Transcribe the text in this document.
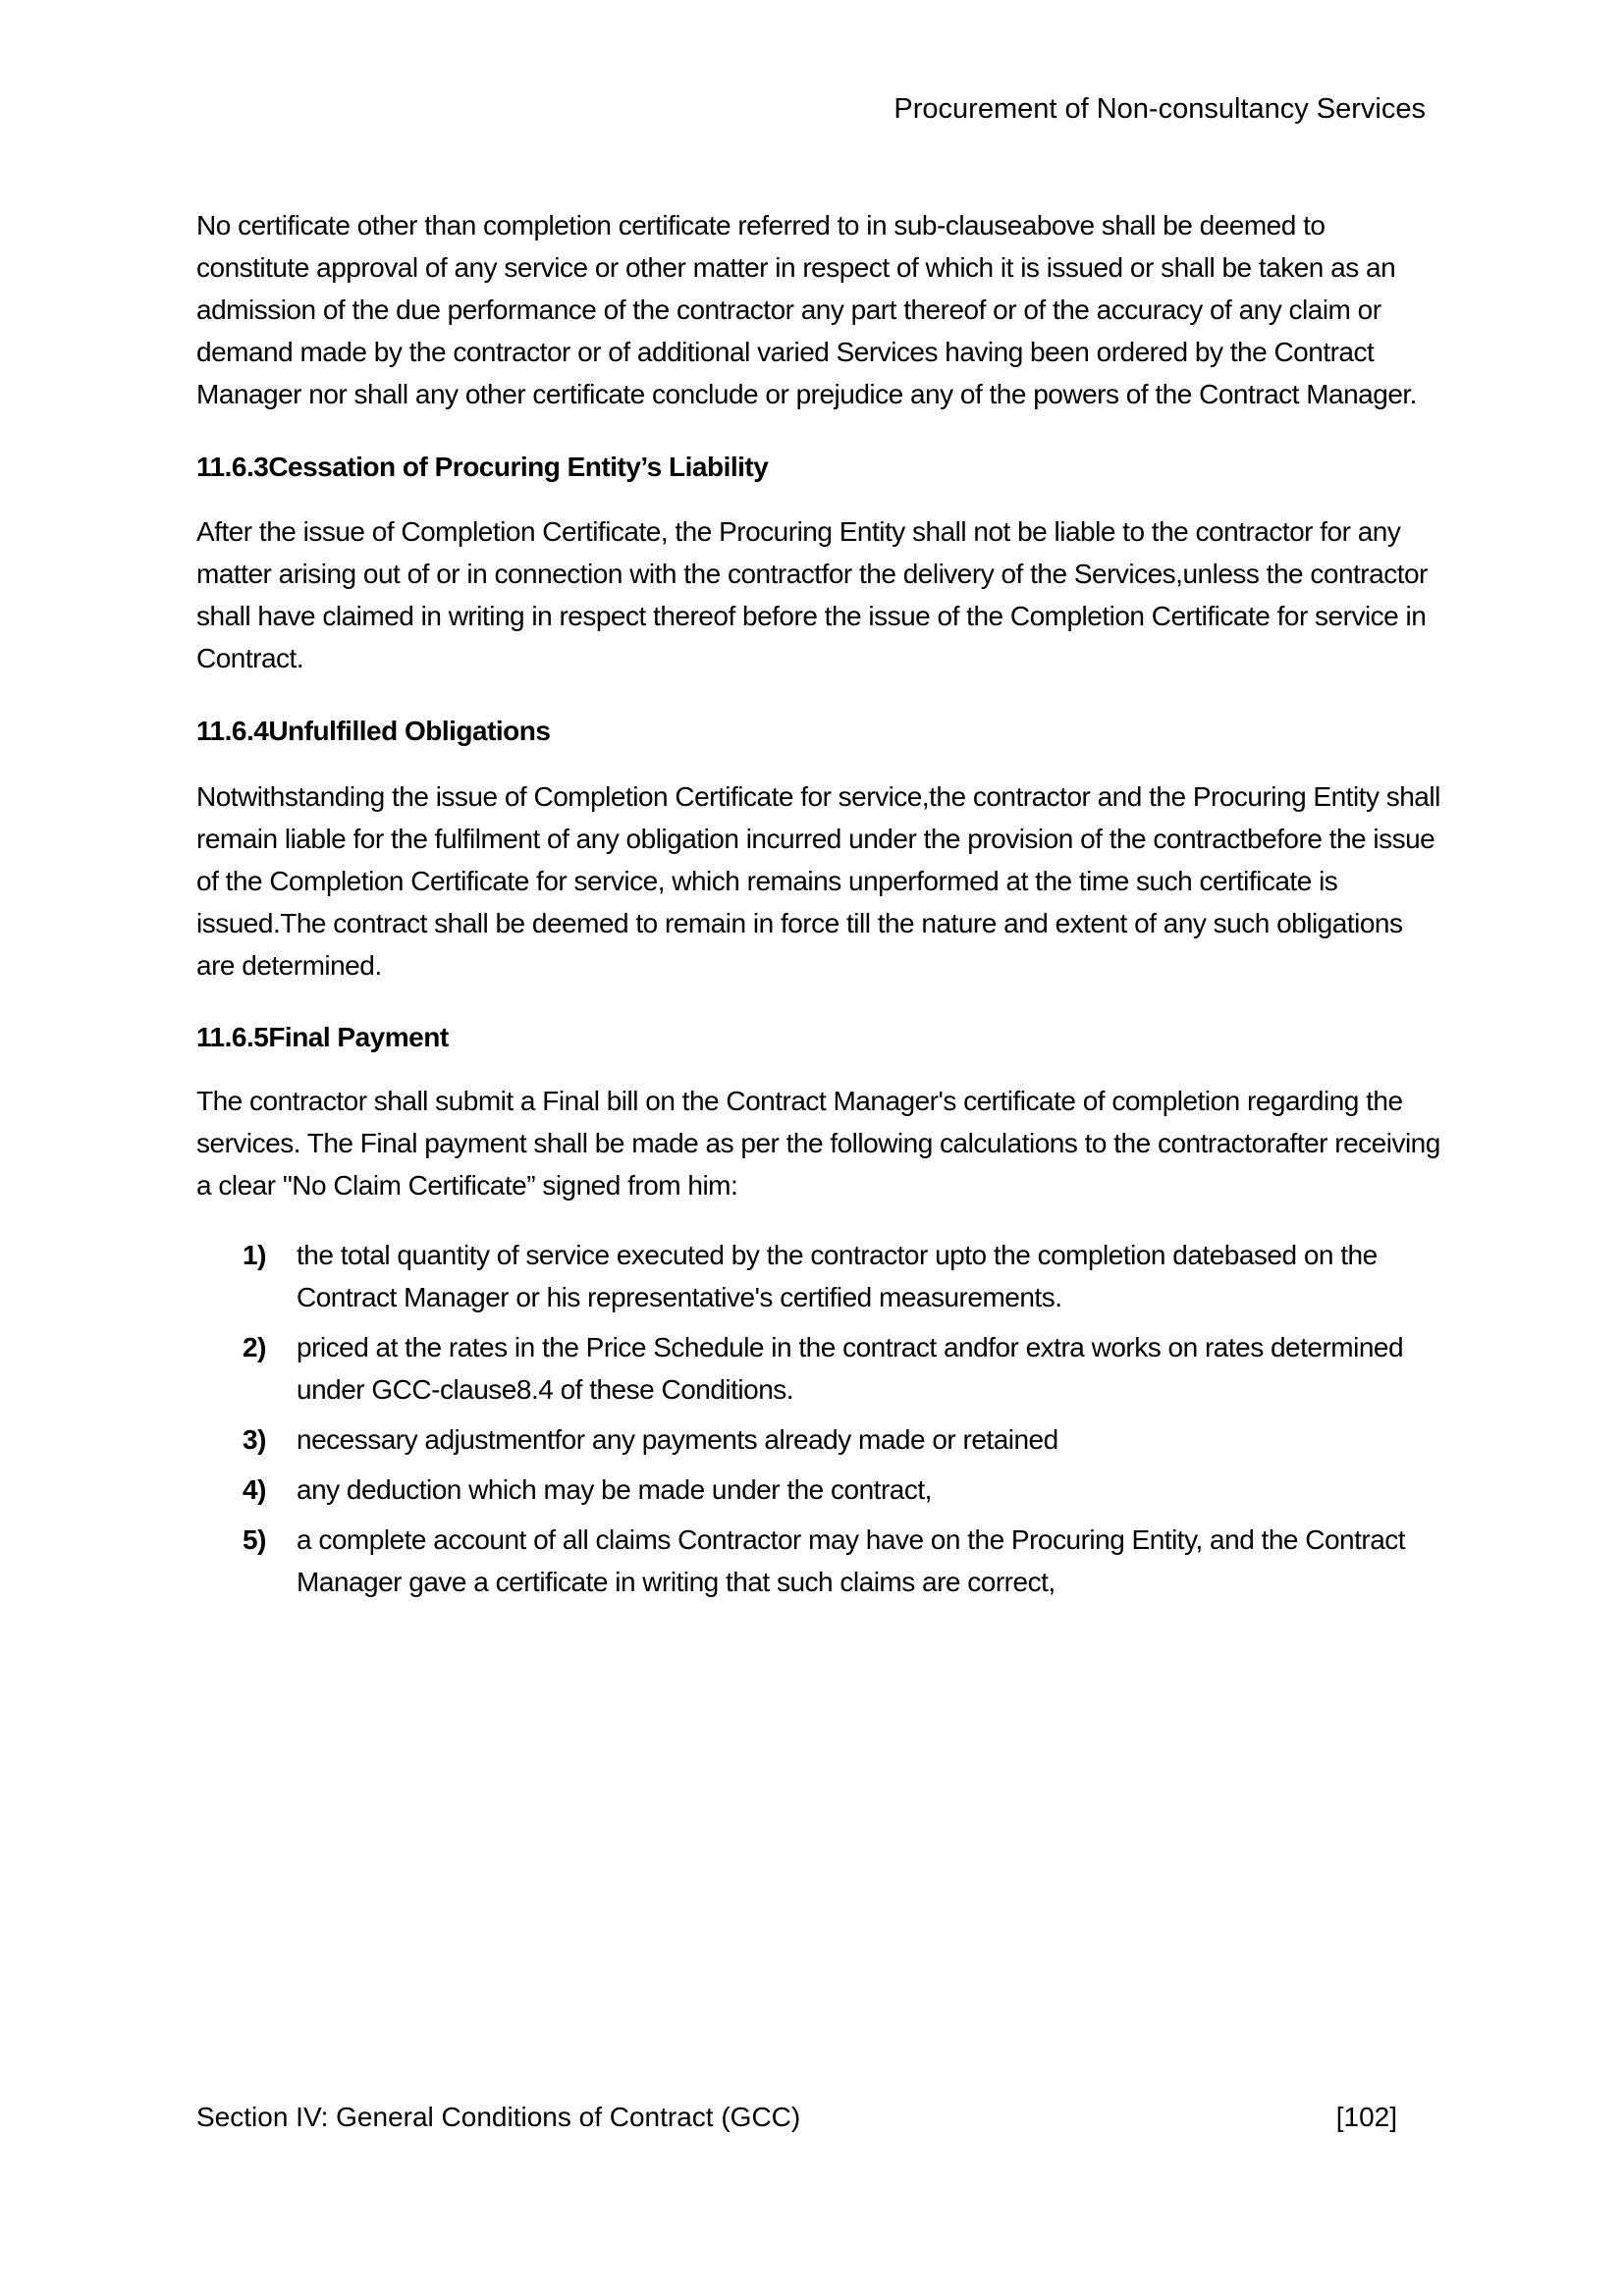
Procurement of Non-consultancy Services

No certificate other than completion certificate referred to in sub-clauseabove shall be deemed to constitute approval of any service or other matter in respect of which it is issued or shall be taken as an admission of the due performance of the contractor any part thereof or of the accuracy of any claim or demand made by the contractor or of additional varied Services having been ordered by the Contract Manager nor shall any other certificate conclude or prejudice any of the powers of the Contract Manager.

11.6.3 Cessation of Procuring Entity’s Liability

After the issue of Completion Certificate, the Procuring Entity shall not be liable to the contractor for any matter arising out of or in connection with the contractfor the delivery of the Services,unless the contractor shall have claimed in writing in respect thereof before the issue of the Completion Certificate for service in Contract.

11.6.4 Unfulfilled Obligations

Notwithstanding the issue of Completion Certificate for service,the contractor and the Procuring Entity shall remain liable for the fulfilment of any obligation incurred under the provision of the contractbefore the issue of the Completion Certificate for service, which remains unperformed at the time such certificate is issued.The contract shall be deemed to remain in force till the nature and extent of any such obligations are determined.

11.6.5 Final Payment

The contractor shall submit a Final bill on the Contract Manager's certificate of completion regarding the services. The Final payment shall be made as per the following calculations to the contractorafter receiving a clear "No Claim Certificate” signed from him:

1)	the total quantity of service executed by the contractor upto the completion datebased on the Contract Manager or his representative's certified measurements.
2)	priced at the rates in the Price Schedule in the contract andfor extra works on rates determined under GCC-clause8.4 of these Conditions.
3)	necessary adjustmentfor any payments already made or retained
4)	any deduction which may be made under the contract,
5)	a complete account of all claims Contractor may have on the Procuring Entity, and the Contract Manager gave a certificate in writing that such claims are correct,
Section IV: General Conditions of Contract (GCC)	[102]
